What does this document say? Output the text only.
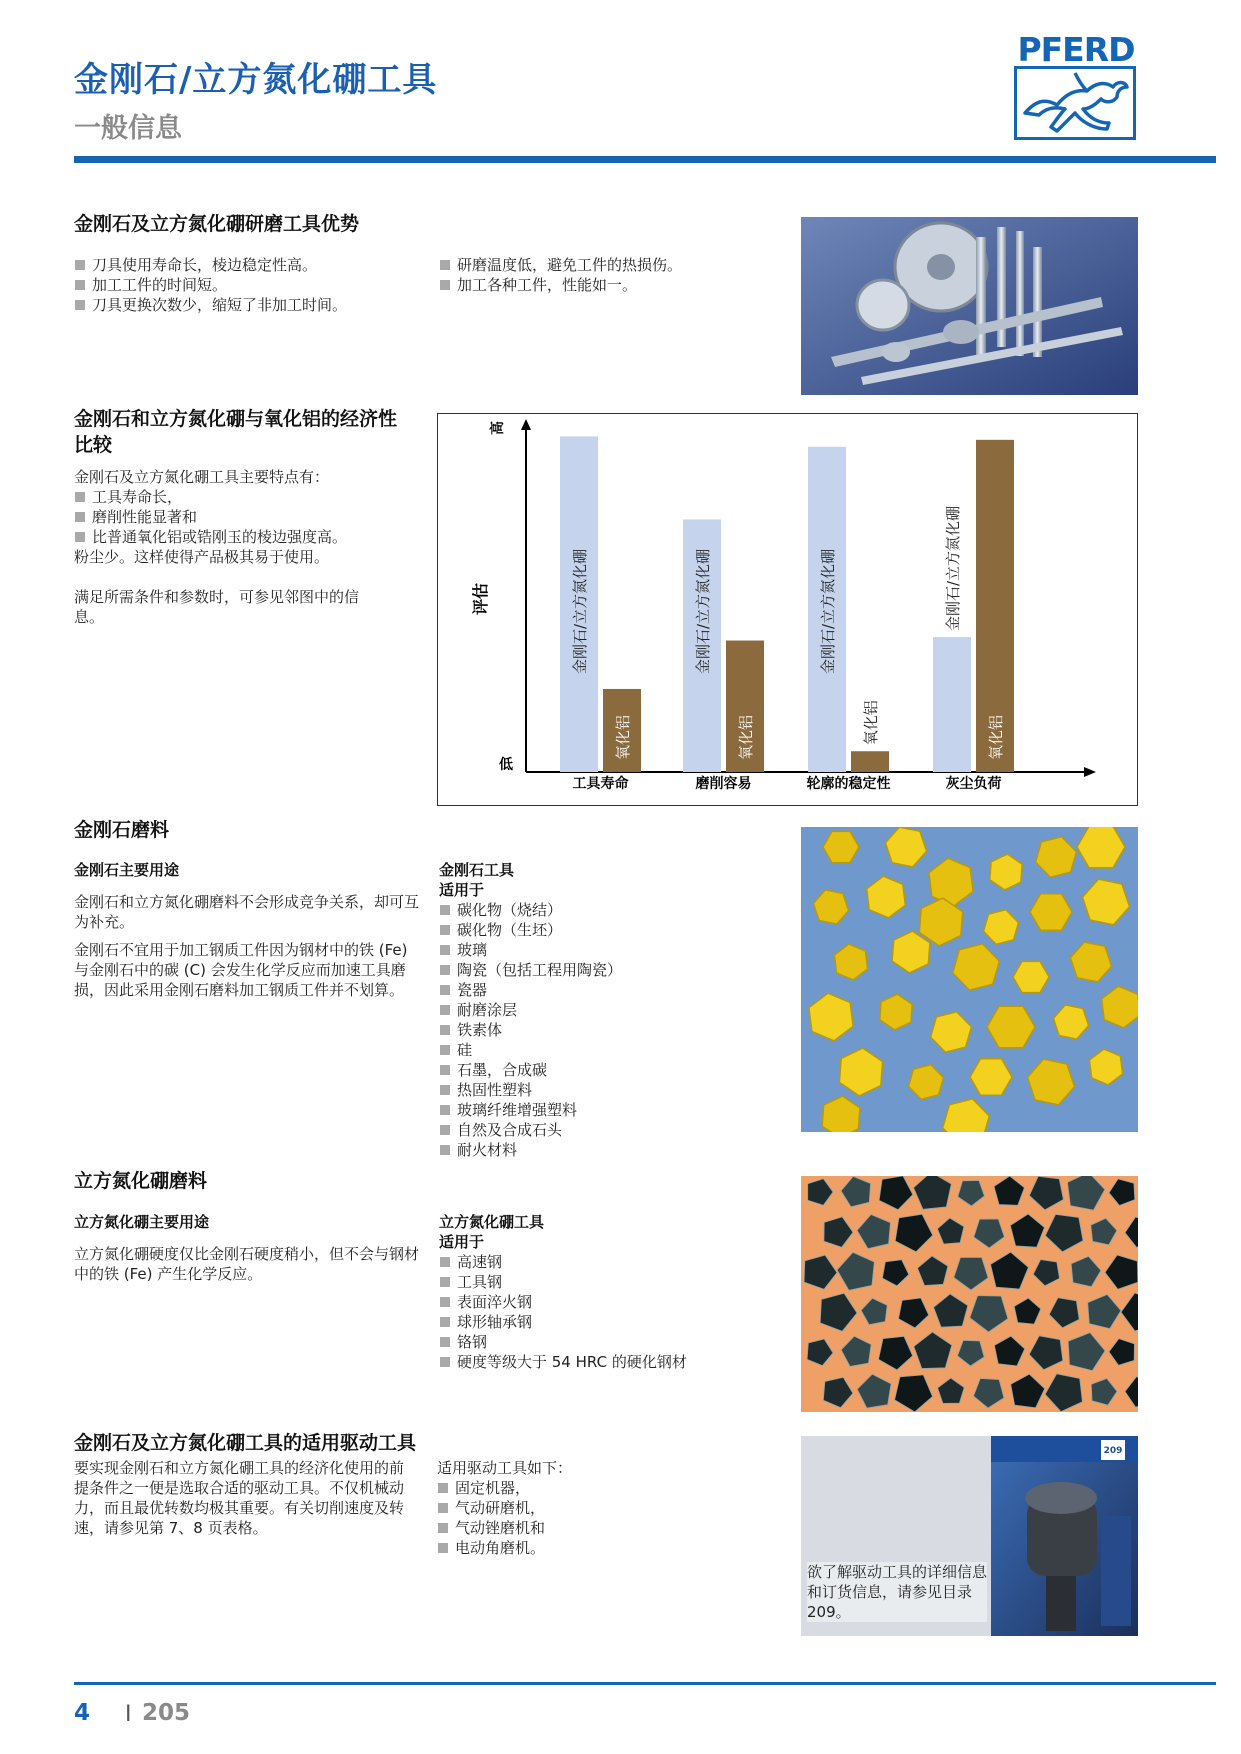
金刚石/立方氮化硼工具
一般信息
PFERD
金刚石及立方氮化硼研磨工具优势
刀具使用寿命长，棱边稳定性高。
加工工件的时间短。
刀具更换次数少，缩短了非加工时间。
研磨温度低，避免工件的热损伤。
加工各种工件，性能如一。
金刚石和立方氮化硼与氧化铝的经济性比较

金刚石及立方氮化硼工具主要特点有：

工具寿命长，
磨削性能显著和
比普通氧化铝或锆刚玉的棱边强度高。

粉尘少。这样使得产品极其易于使用。

满足所需条件和参数时，可参见邻图中的信息。

高
低
评估	金刚石/立方氮化硼
氧化铝
工具寿命
金刚石/立方氮化硼
氧化铝
磨削容易
金刚石/立方氮化硼
氧化铝
轮廓的稳定性
金刚石/立方氮化硼
氧化铝
灰尘负荷
金刚石磨料
金刚石主要用途

金刚石和立方氮化硼磨料不会形成竞争关系，却可互为补充。

金刚石不宜用于加工钢质工件因为钢材中的铁 (Fe) 与金刚石中的碳 (C) 会发生化学反应而加速工具磨损，因此采用金刚石磨料加工钢质工件并不划算。

金刚石工具
适用于
碳化物（烧结）
碳化物（生坯）
玻璃
陶瓷（包括工程用陶瓷）
瓷器
耐磨涂层
铁素体
硅
石墨，合成碳
热固性塑料
玻璃纤维增强塑料
自然及合成石头
耐火材料
立方氮化硼磨料
立方氮化硼主要用途

立方氮化硼硬度仅比金刚石硬度稍小，但不会与钢材中的铁 (Fe) 产生化学反应。

立方氮化硼工具
适用于
高速钢
工具钢
表面淬火钢
球形轴承钢
铬钢
硬度等级大于 54 HRC 的硬化钢材
金刚石及立方氮化硼工具的适用驱动工具

要实现金刚石和立方氮化硼工具的经济化使用的前提条件之一便是选取合适的驱动工具。不仅机械动力，而且最优转数均极其重要。有关切削速度及转速，请参见第 7、8 页表格。

适用驱动工具如下：

固定机器，
气动研磨机，
气动锉磨机和
电动角磨机。
209

欲了解驱动工具的详细信息和订货信息，请参见目录 209。

4 I 205
